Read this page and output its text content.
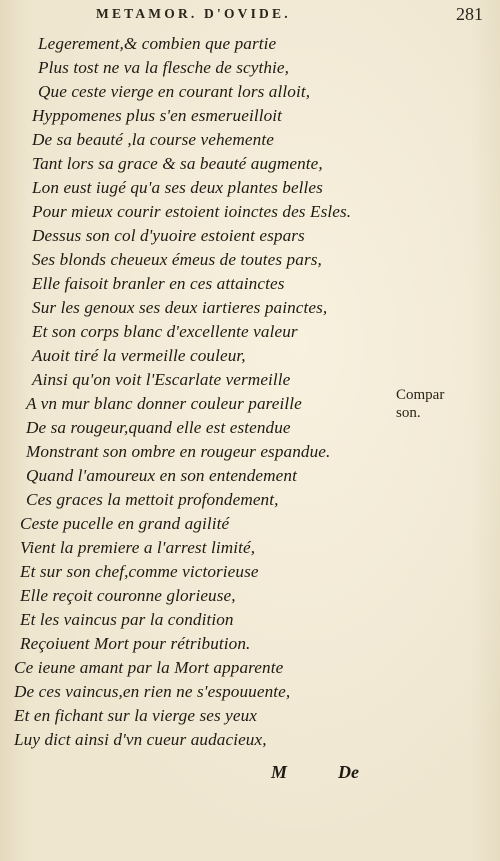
METAMOR. D'OVIDE.	281
Legerement,& combien que partie
Plus tost ne va la flesche de scythie,
Que ceste vierge en courant lors alloit,
Hyppomenes plus s'en esmerueilloit
De sa beauté ,la course vehemente
Tant lors sa grace & sa beauté augmente,
Lon eust iugé qu'a ses deux plantes belles
Pour mieux courir estoient ioinctes des Esles.
Dessus son col d'yuoire estoient espars
Ses blonds cheueux émeus de toutes pars,
Elle faisoit branler en ces attainctes
Sur les genoux ses deux iartieres painctes,
Et son corps blanc d'excellente valeur
Auoit tiré la vermeille couleur,
Ainsi qu'on voit l'Escarlate vermeille
A vn mur blanc donner couleur pareille
De sa rougeur,quand elle est estendue
Monstrant son ombre en rougeur espandue.
Quand l'amoureux en son entendement
Ces graces la mettoit profondement,
Ceste pucelle en grand agilité
Vient la premiere a l'arrest limité,
Et sur son chef,comme victorieuse
Elle reçoit couronne glorieuse,
Et les vaincus par la condition
Reçoiuent Mort pour rétribution.
Ce ieune amant par la Mort apparente
De ces vaincus,en rien ne s'espouuente,
Et en fichant sur la vierge ses yeux
Luy dict ainsi d'vn cueur audacieux,
Compar
son.
M	De
